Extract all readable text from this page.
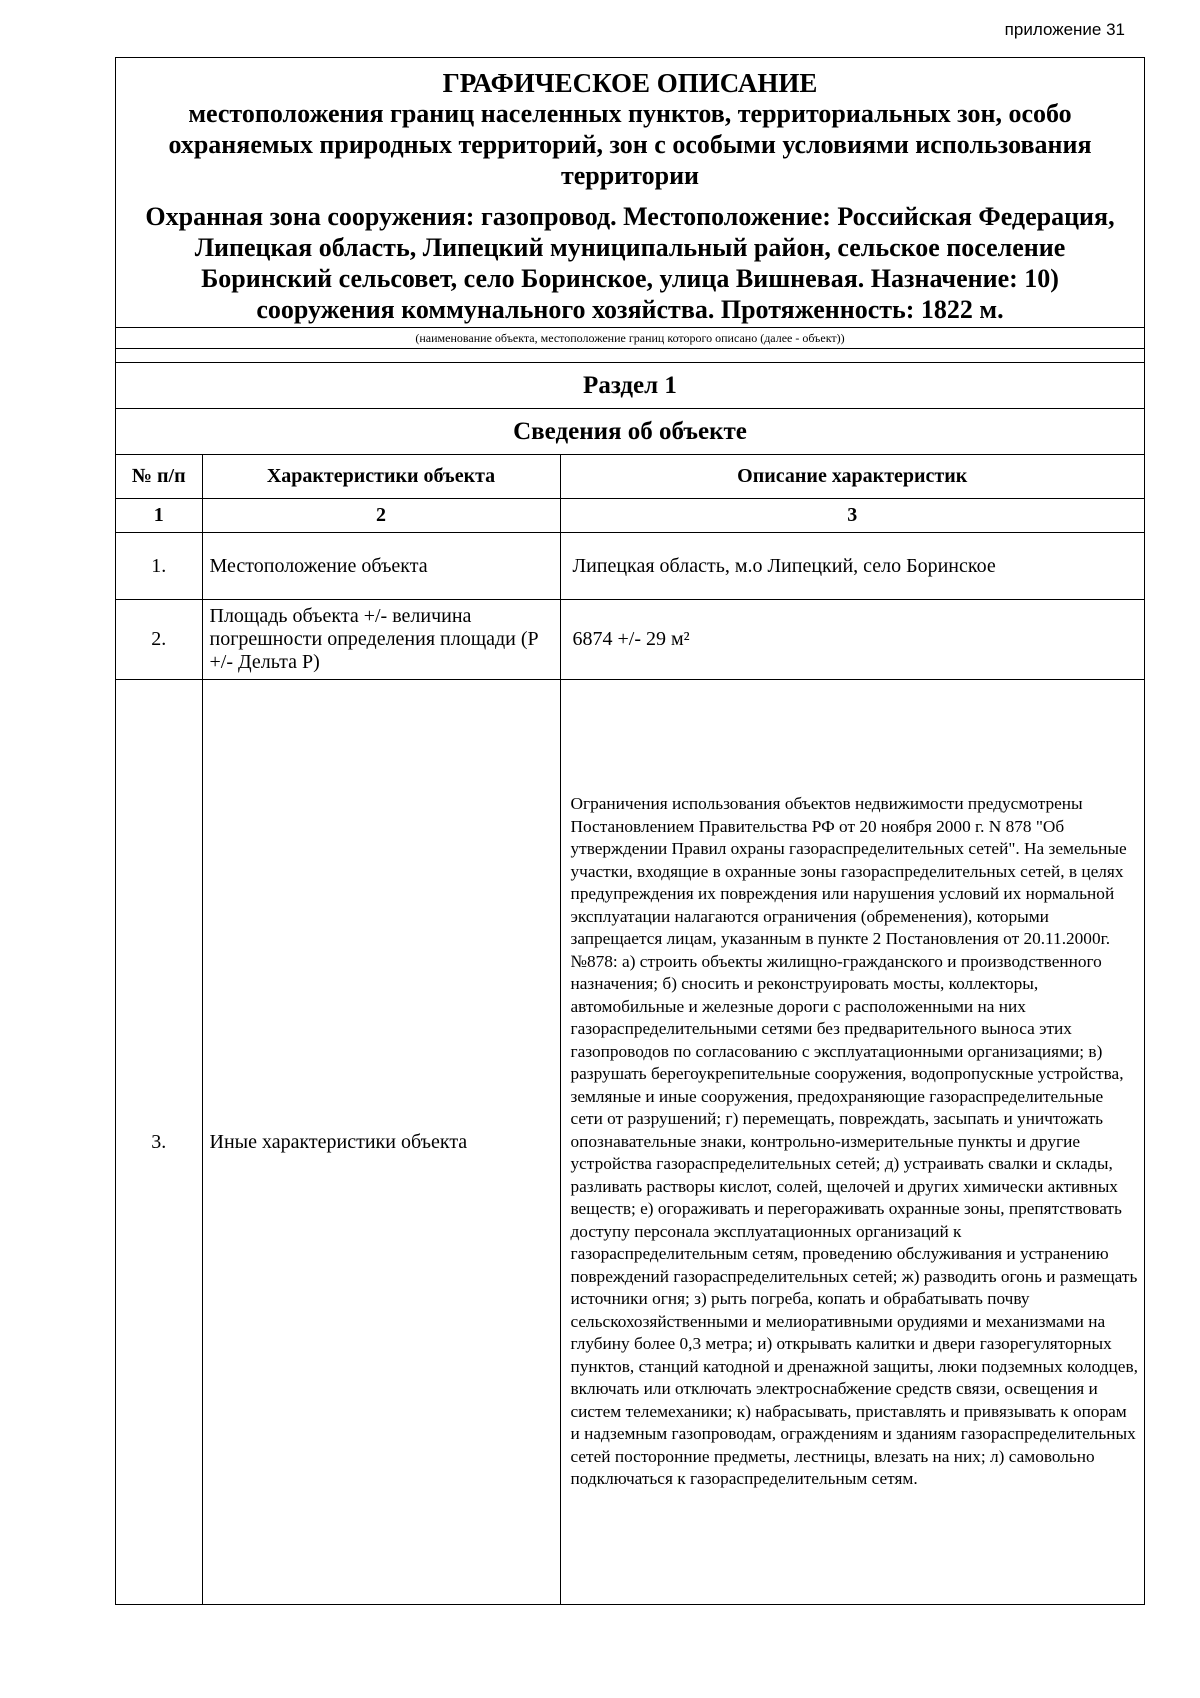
приложение 31
ГРАФИЧЕСКОЕ ОПИСАНИЕ
местоположения границ населенных пунктов, территориальных зон, особо охраняемых природных территорий, зон с особыми условиями использования территории
Охранная зона сооружения: газопровод. Местоположение: Российская Федерация, Липецкая область, Липецкий муниципальный район, сельское поселение Боринский сельсовет, село Боринское, улица Вишневая. Назначение: 10) сооружения коммунального хозяйства. Протяженность: 1822 м.
(наименование объекта, местоположение границ которого описано (далее - объект))
Раздел 1
Сведения об объекте
№ п/п	Характеристики объекта	Описание характеристик
1	2	3
1.	Местоположение объекта	Липецкая область, м.о Липецкий, село Боринское
2.	Площадь объекта +/- величина погрешности определения площади (Р +/- Дельта Р)	6874 +/- 29 м²
3.	Иные характеристики объекта	Ограничения использования объектов недвижимости предусмотрены Постановлением Правительства РФ от 20 ноября 2000 г. N 878 "Об утверждении Правил охраны газораспределительных сетей". На земельные участки, входящие в охранные зоны газораспределительных сетей, в целях предупреждения их повреждения или нарушения условий их нормальной эксплуатации налагаются ограничения (обременения), которыми запрещается лицам, указанным в пункте 2 Постановления от 20.11.2000г. №878: а) строить объекты жилищно-гражданского и производственного назначения; б) сносить и реконструировать мосты, коллекторы, автомобильные и железные дороги с расположенными на них газораспределительными сетями без предварительного выноса этих газопроводов по согласованию с эксплуатационными организациями; в) разрушать берегоукрепительные сооружения, водопропускные устройства, земляные и иные сооружения, предохраняющие газораспределительные сети от разрушений; г) перемещать, повреждать, засыпать и уничтожать опознавательные знаки, контрольно-измерительные пункты и другие устройства газораспределительных сетей; д) устраивать свалки и склады, разливать растворы кислот, солей, щелочей и других химически активных веществ; е) огораживать и перегораживать охранные зоны, препятствовать доступу персонала эксплуатационных организаций к газораспределительным сетям, проведению обслуживания и устранению повреждений газораспределительных сетей; ж) разводить огонь и размещать источники огня; з) рыть погреба, копать и обрабатывать почву сельскохозяйственными и мелиоративными орудиями и механизмами на глубину более 0,3 метра; и) открывать калитки и двери газорегуляторных пунктов, станций катодной и дренажной защиты, люки подземных колодцев, включать или отключать электроснабжение средств связи, освещения и систем телемеханики; к) набрасывать, приставлять и привязывать к опорам и надземным газопроводам, ограждениям и зданиям газораспределительных сетей посторонние предметы, лестницы, влезать на них; л) самовольно подключаться к газораспределительным сетям.
